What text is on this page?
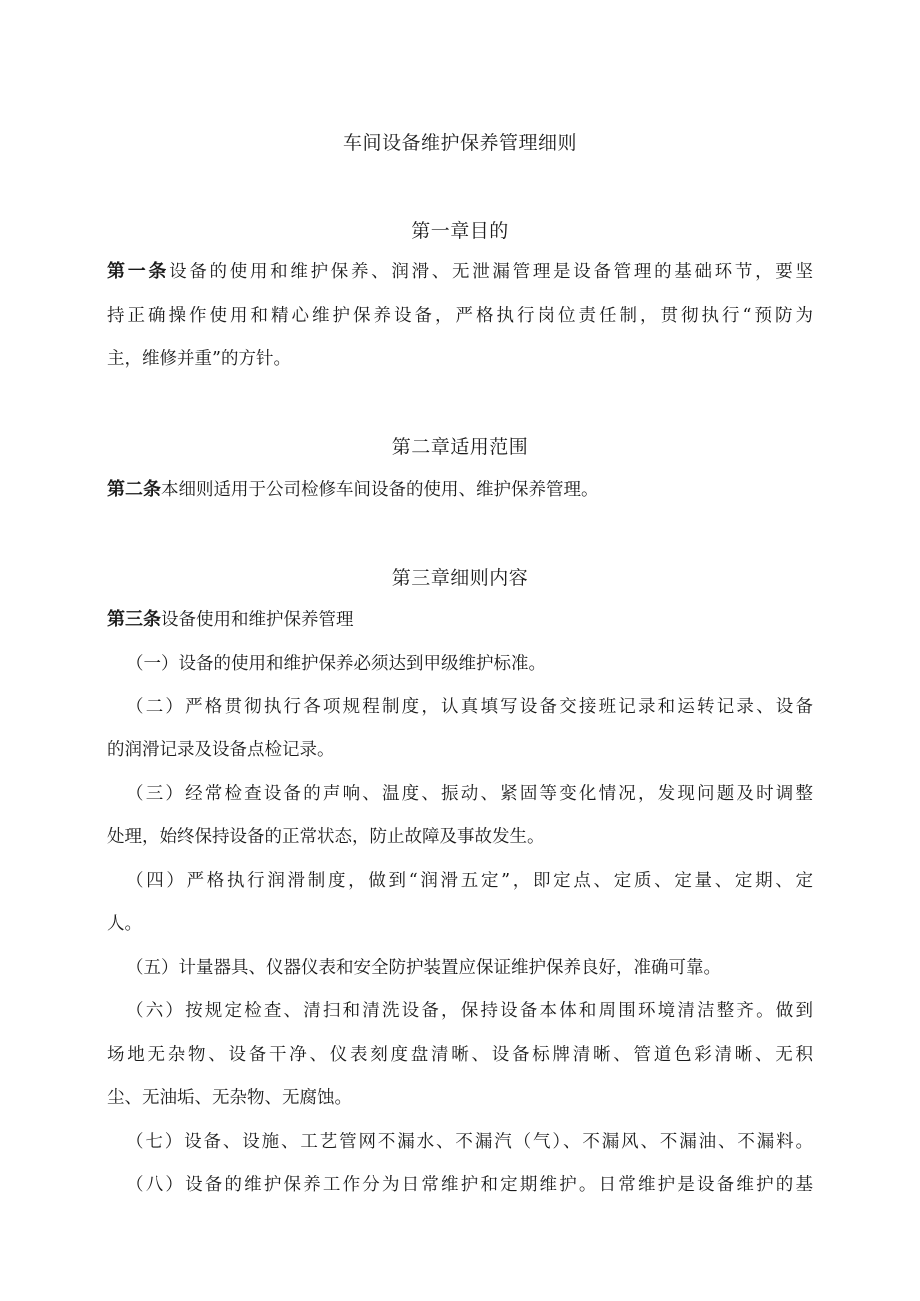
车间设备维护保养管理细则
第一章目的
第一条设备的使用和维护保养、润滑、无泄漏管理是设备管理的基础环节，要坚
持正确操作使用和精心维护保养设备，严格执行岗位责任制，贯彻执行“预防为
主，维修并重”的方针。
第二章适用范围
第二条本细则适用于公司检修车间设备的使用、维护保养管理。
第三章细则内容
第三条设备使用和维护保养管理
（一）设备的使用和维护保养必须达到甲级维护标准。
（二）严格贯彻执行各项规程制度，认真填写设备交接班记录和运转记录、设备
的润滑记录及设备点检记录。
（三）经常检查设备的声响、温度、振动、紧固等变化情况，发现问题及时调整
处理，始终保持设备的正常状态，防止故障及事故发生。
（四）严格执行润滑制度，做到“润滑五定”，即定点、定质、定量、定期、定
人。
（五）计量器具、仪器仪表和安全防护装置应保证维护保养良好，准确可靠。
（六）按规定检查、清扫和清洗设备，保持设备本体和周围环境清洁整齐。做到
场地无杂物、设备干净、仪表刻度盘清晰、设备标牌清晰、管道色彩清晰、无积
尘、无油垢、无杂物、无腐蚀。
（七）设备、设施、工艺管网不漏水、不漏汽（气）、不漏风、不漏油、不漏料。
（八）设备的维护保养工作分为日常维护和定期维护。日常维护是设备维护的基
